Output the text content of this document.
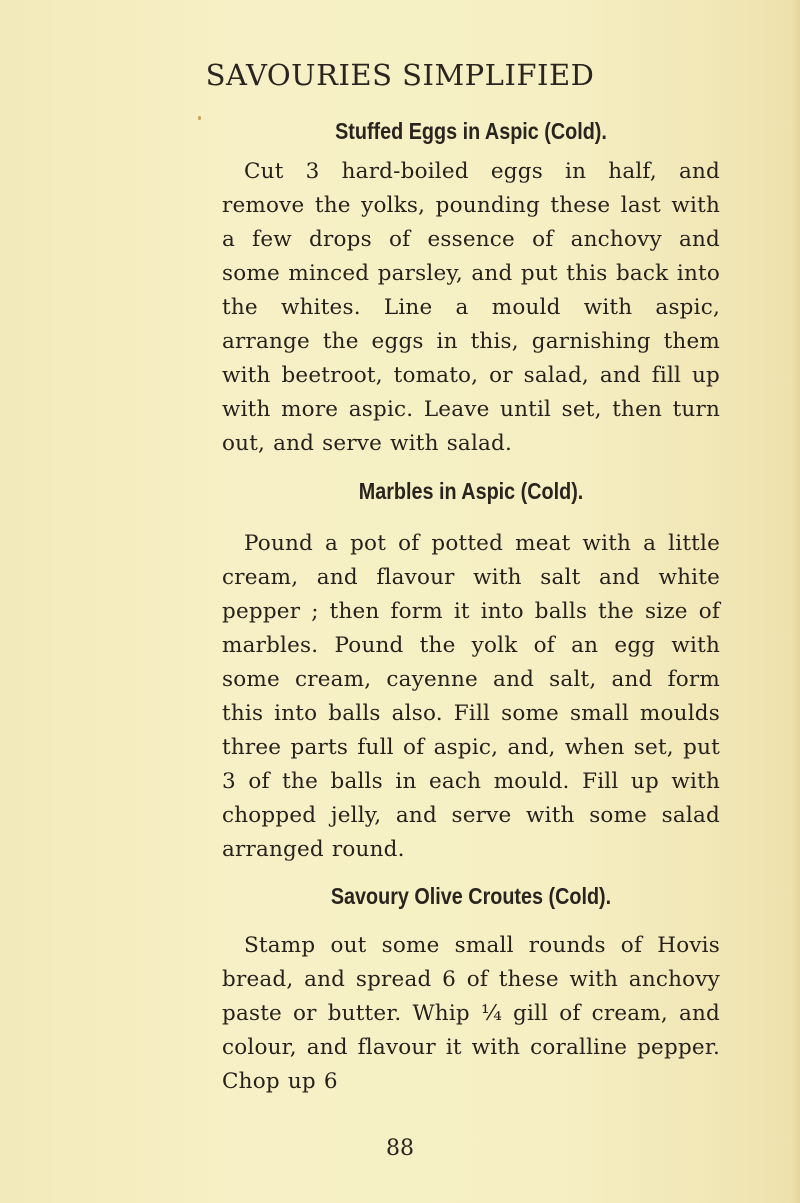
SAVOURIES SIMPLIFIED
Stuffed Eggs in Aspic (Cold).

Cut 3 hard-boiled eggs in half, and remove the yolks, pounding these last with a few drops of essence of anchovy and some minced parsley, and put this back into the whites. Line a mould with aspic, arrange the eggs in this, garnishing them with beetroot, tomato, or salad, and fill up with more aspic. Leave until set, then turn out, and serve with salad.

Marbles in Aspic (Cold).

Pound a pot of potted meat with a little cream, and flavour with salt and white pepper ; then form it into balls the size of marbles. Pound the yolk of an egg with some cream, cayenne and salt, and form this into balls also. Fill some small moulds three parts full of aspic, and, when set, put 3 of the balls in each mould. Fill up with chopped jelly, and serve with some salad arranged round.

Savoury Olive Croutes (Cold).

Stamp out some small rounds of Hovis bread, and spread 6 of these with anchovy paste or butter. Whip ¼ gill of cream, and colour, and flavour it with coralline pepper. Chop up 6

88
